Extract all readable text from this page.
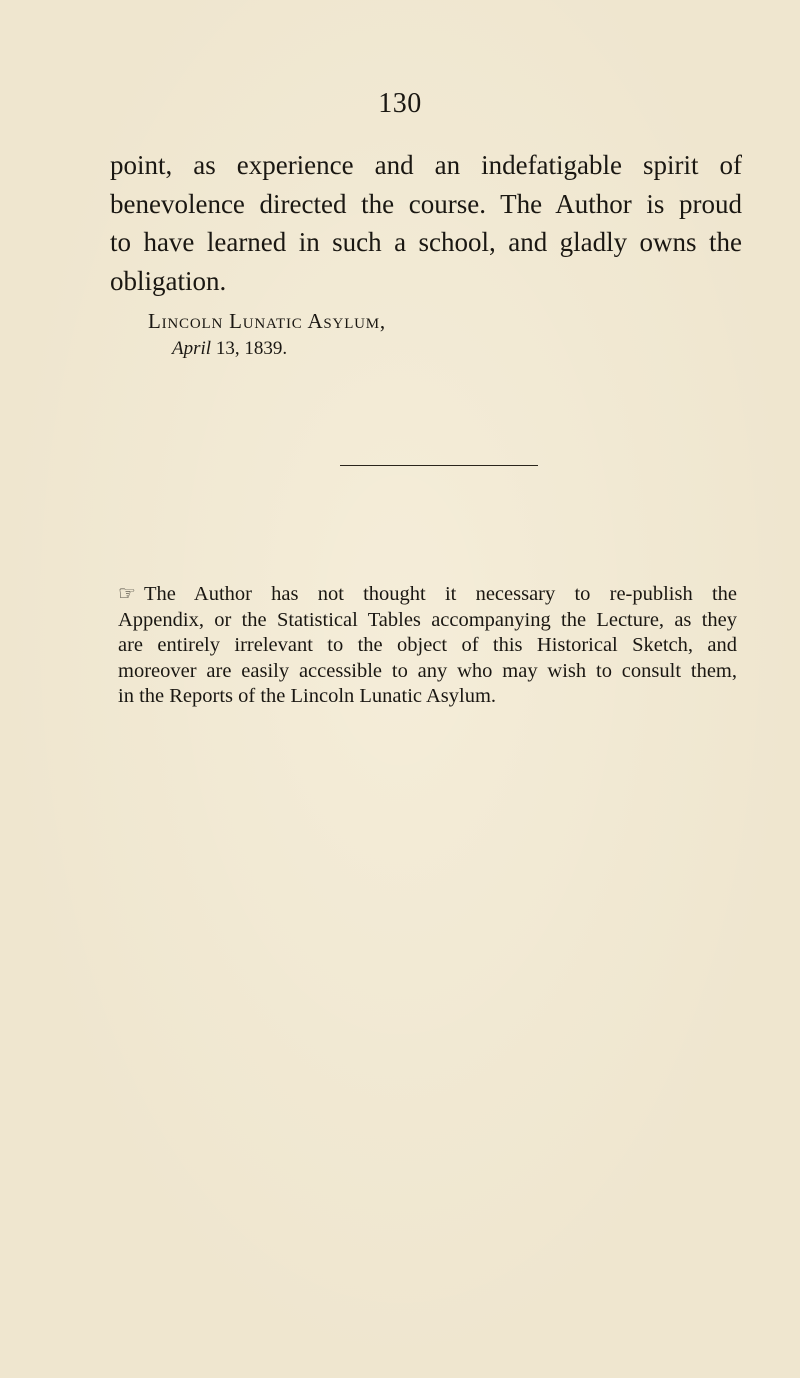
130

point, as experience and an indefatigable spirit of
benevolence directed the course. The Author is proud
to have learned in such a school, and gladly owns the
obligation.

Lincoln Lunatic Asylum,

April 13, 1839.

☞ The Author has not thought it necessary to re-publish the
Appendix, or the Statistical Tables accompanying the Lecture, as they
are entirely irrelevant to the object of this Historical Sketch, and
moreover are easily accessible to any who may wish to consult them,
in the Reports of the Lincoln Lunatic Asylum.
